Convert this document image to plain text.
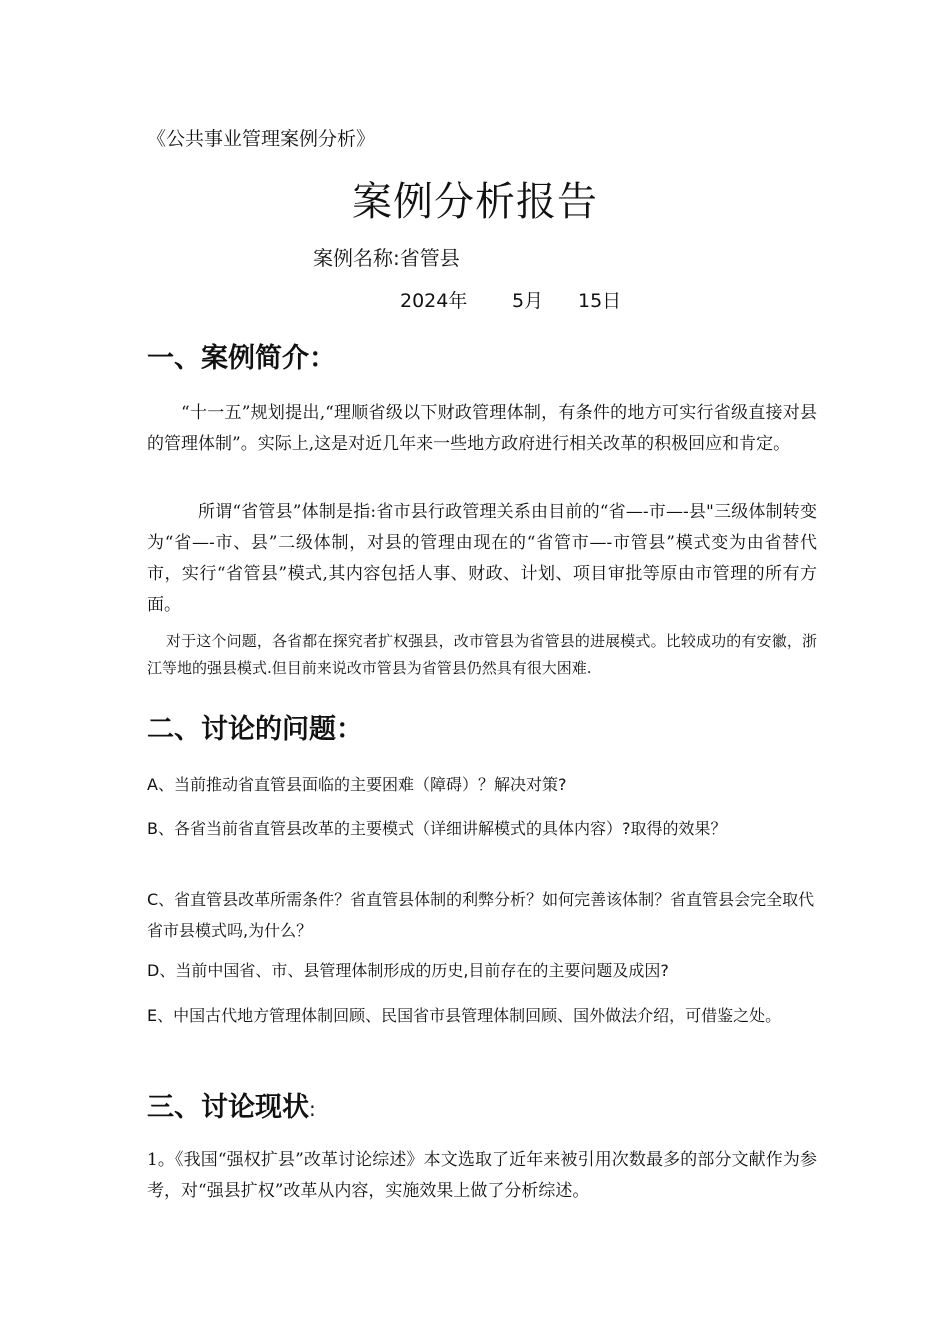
《公共事业管理案例分析》
案例分析报告
案例名称:省管县
2024年 5月 15日
一、案例简介：

“十一五”规划提出,“理顺省级以下财政管理体制，有条件的地方可实行省级直接对县的管理体制”。实际上,这是对近几年来一些地方政府进行相关改革的积极回应和肯定。

所谓“省管县”体制是指:省市县行政管理关系由目前的“省—-市—-县"三级体制转变为“省—-市、县”二级体制，对县的管理由现在的“省管市—-市管县”模式变为由省替代市，实行“省管县”模式,其内容包括人事、财政、计划、项目审批等原由市管理的所有方面。

对于这个问题，各省都在探究者扩权强县，改市管县为省管县的进展模式。比较成功的有安徽，浙江等地的强县模式.但目前来说改市管县为省管县仍然具有很大困难.

二、讨论的问题：

A、当前推动省直管县面临的主要困难（障碍）？解决对策?

B、各省当前省直管县改革的主要模式（详细讲解模式的具体内容）?取得的效果？

C、省直管县改革所需条件？省直管县体制的利弊分析？如何完善该体制？省直管县会完全取代省市县模式吗,为什么？

D、当前中国省、市、县管理体制形成的历史,目前存在的主要问题及成因?

E、中国古代地方管理体制回顾、民国省市县管理体制回顾、国外做法介绍，可借鉴之处。

三、讨论现状:

1。《我国“强权扩县”改革讨论综述》本文选取了近年来被引用次数最多的部分文献作为参考，对“强县扩权”改革从内容，实施效果上做了分析综述。
